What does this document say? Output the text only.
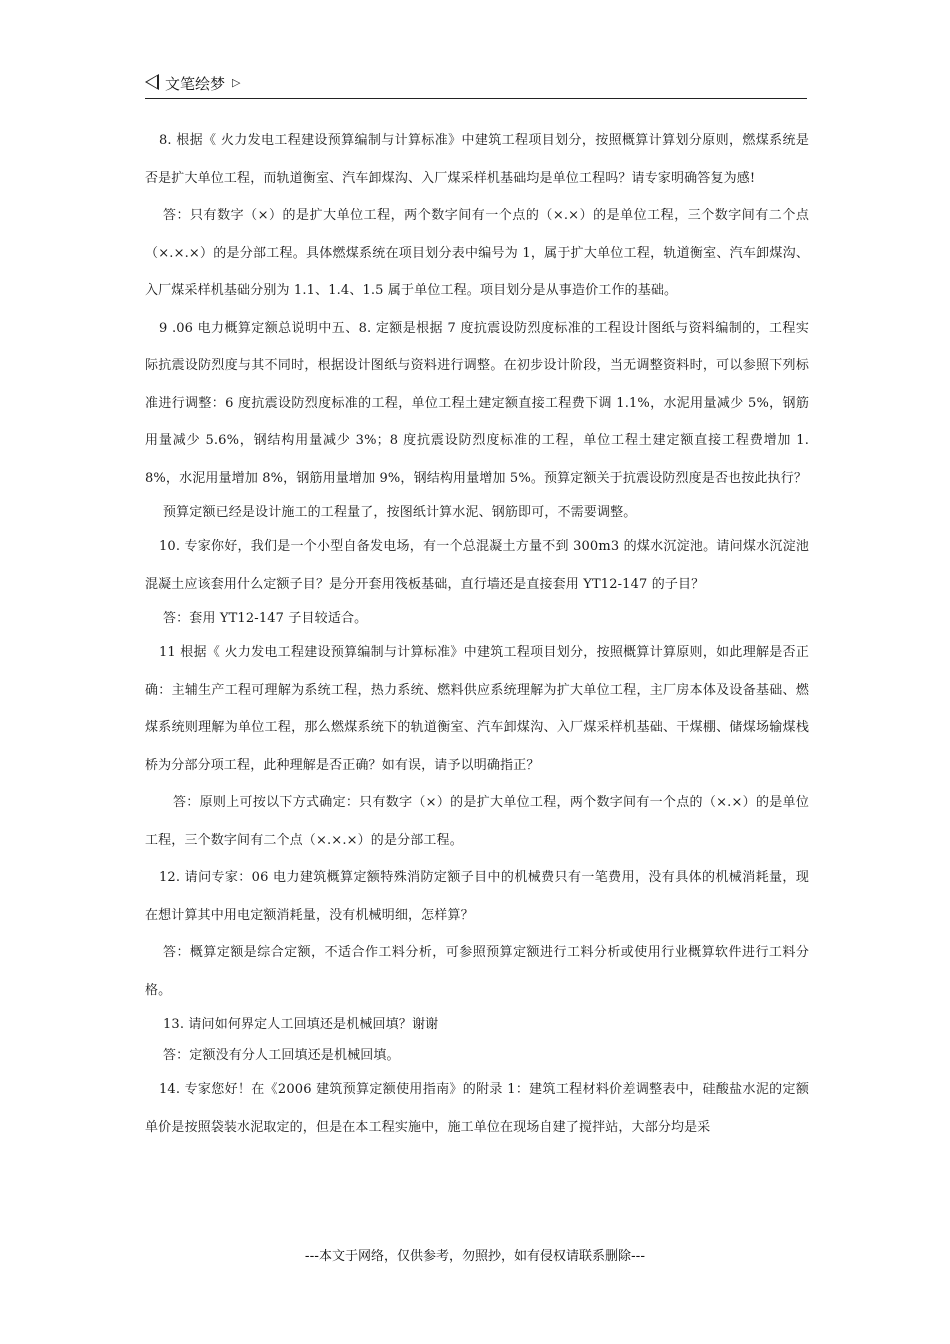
文笔绘梦 ▷

8. 根据《 火力发电工程建设预算编制与计算标准》中建筑工程项目划分，按照概算计算划分原则，燃煤系统是否是扩大单位工程，而轨道衡室、汽车卸煤沟、入厂煤采样机基础均是单位工程吗？请专家明确答复为感!

答：只有数字（×）的是扩大单位工程，两个数字间有一个点的（×.×）的是单位工程，三个数字间有二个点（×.×.×）的是分部工程。具体燃煤系统在项目划分表中编号为 1，属于扩大单位工程，轨道衡室、汽车卸煤沟、入厂煤采样机基础分别为 1.1、1.4、1.5 属于单位工程。项目划分是从事造价工作的基础。

9 .06 电力概算定额总说明中五、8. 定额是根据 7 度抗震设防烈度标准的工程设计图纸与资料编制的，工程实际抗震设防烈度与其不同时，根据设计图纸与资料进行调整。在初步设计阶段，当无调整资料时，可以参照下列标准进行调整：6 度抗震设防烈度标准的工程，单位工程土建定额直接工程费下调 1.1%，水泥用量减少 5%，钢筋用量减少 5.6%，钢结构用量减少 3%；8 度抗震设防烈度标准的工程，单位工程土建定额直接工程费增加 1.8%，水泥用量增加 8%，钢筋用量增加 9%，钢结构用量增加 5%。预算定额关于抗震设防烈度是否也按此执行？

预算定额已经是设计施工的工程量了，按图纸计算水泥、钢筋即可，不需要调整。

10. 专家你好，我们是一个小型自备发电场，有一个总混凝土方量不到 300m3 的煤水沉淀池。请问煤水沉淀池混凝土应该套用什么定额子目？是分开套用筏板基础，直行墙还是直接套用 YT12-147 的子目？

答：套用 YT12-147 子目较适合。

11 根据《 火力发电工程建设预算编制与计算标准》中建筑工程项目划分，按照概算计算原则，如此理解是否正确：主辅生产工程可理解为系统工程，热力系统、燃料供应系统理解为扩大单位工程，主厂房本体及设备基础、燃煤系统则理解为单位工程，那么燃煤系统下的轨道衡室、汽车卸煤沟、入厂煤采样机基础、干煤棚、储煤场输煤栈桥为分部分项工程，此种理解是否正确？如有误，请予以明确指正？

答：原则上可按以下方式确定：只有数字（×）的是扩大单位工程，两个数字间有一个点的（×.×）的是单位工程，三个数字间有二个点（×.×.×）的是分部工程。

12. 请问专家：06 电力建筑概算定额特殊消防定额子目中的机械费只有一笔费用，没有具体的机械消耗量，现在想计算其中用电定额消耗量，没有机械明细，怎样算？

答：概算定额是综合定额，不适合作工料分析，可参照预算定额进行工料分析或使用行业概算软件进行工料分格。

13. 请问如何界定人工回填还是机械回填？谢谢

答：定额没有分人工回填还是机械回填。

14. 专家您好！在《2006 建筑预算定额使用指南》的附录 1：建筑工程材料价差调整表中，硅酸盐水泥的定额单价是按照袋装水泥取定的，但是在本工程实施中，施工单位在现场自建了搅拌站，大部分均是采

---本文于网络，仅供参考，勿照抄，如有侵权请联系删除---
